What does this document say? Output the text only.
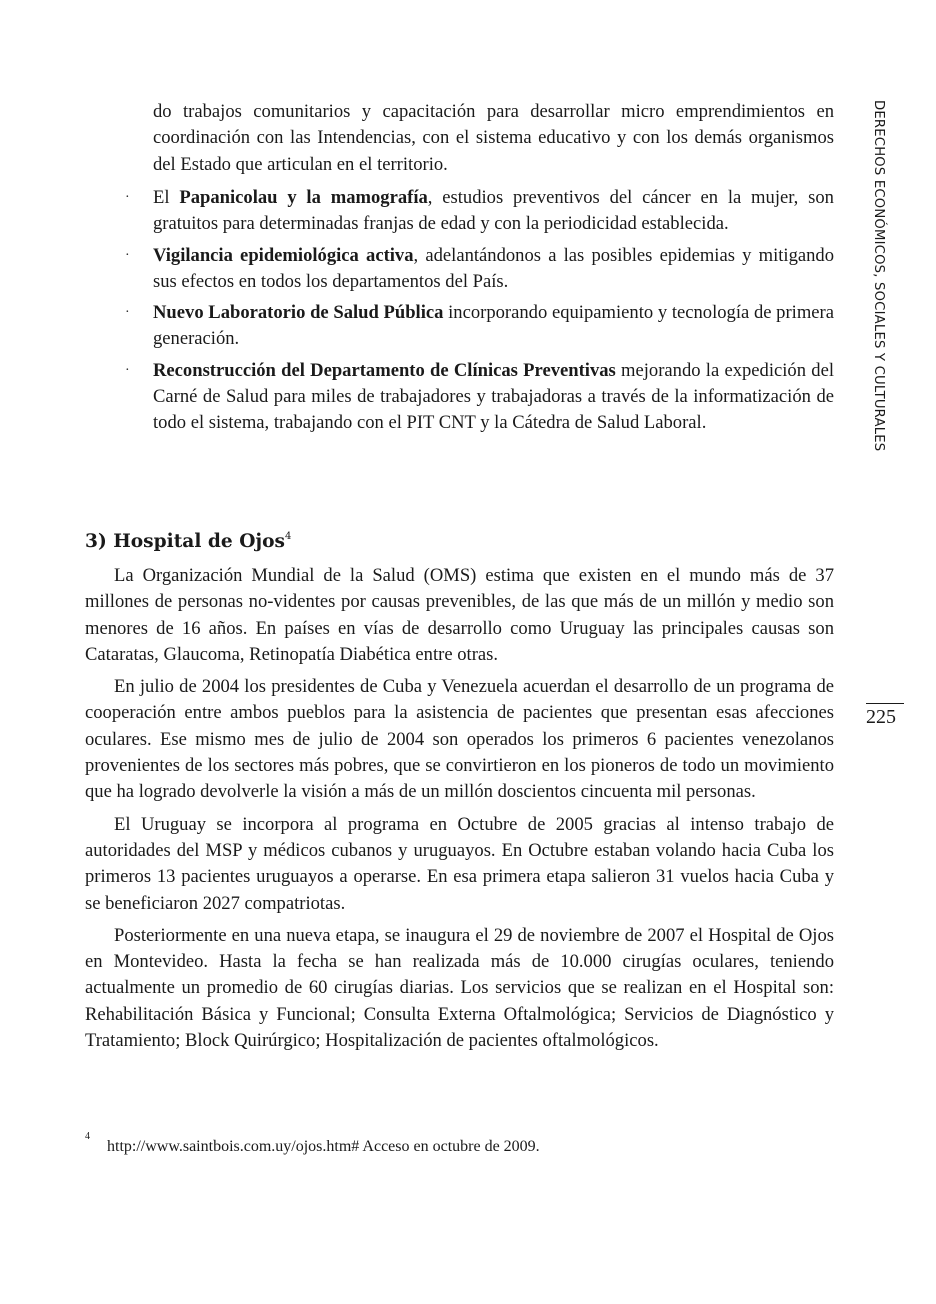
DERECHOS ECONÓMICOS, SOCIALES Y CULTURALES
225

do trabajos comunitarios y capacitación para desarrollar micro emprendimientos en coordinación con las Intendencias, con el sistema educativo y con los demás organismos del Estado que articulan en el territorio.

· El Papanicolau y la mamografía, estudios preventivos del cáncer en la mujer, son gratuitos para determinadas franjas de edad y con la periodicidad establecida.
· Vigilancia epidemiológica activa, adelantándonos a las posibles epidemias y mitigando sus efectos en todos los departamentos del País.
· Nuevo Laboratorio de Salud Pública incorporando equipamiento y tecnología de primera generación.
· Reconstrucción del Departamento de Clínicas Preventivas mejorando la expedición del Carné de Salud para miles de trabajadores y trabajadoras a través de la informatización de todo el sistema, trabajando con el PIT CNT y la Cátedra de Salud Laboral.
3) Hospital de Ojos$^4$

La Organización Mundial de la Salud (OMS) estima que existen en el mundo más de 37 millones de personas no-videntes por causas prevenibles, de las que más de un millón y medio son menores de 16 años. En países en vías de desarrollo como Uruguay las principales causas son Cataratas, Glaucoma, Retinopatía Diabética entre otras.

En julio de 2004 los presidentes de Cuba y Venezuela acuerdan el desarrollo de un programa de cooperación entre ambos pueblos para la asistencia de pacientes que presentan esas afecciones oculares. Ese mismo mes de julio de 2004 son operados los primeros 6 pacientes venezolanos provenientes de los sectores más pobres, que se convirtieron en los pioneros de todo un movimiento que ha logrado devolverle la visión a más de un millón doscientos cincuenta mil personas.

El Uruguay se incorpora al programa en Octubre de 2005 gracias al intenso trabajo de autoridades del MSP y médicos cubanos y uruguayos. En Octubre estaban volando hacia Cuba los primeros 13 pacientes uruguayos a operarse. En esa primera etapa salieron 31 vuelos hacia Cuba y se beneficiaron 2027 compatriotas.

Posteriormente en una nueva etapa, se inaugura el 29 de noviembre de 2007 el Hospital de Ojos en Montevideo. Hasta la fecha se han realizada más de 10.000 cirugías oculares, teniendo actualmente un promedio de 60 cirugías diarias. Los servicios que se realizan en el Hospital son: Rehabilitación Básica y Funcional; Consulta Externa Oftalmológica; Servicios de Diagnóstico y Tratamiento; Block Quirúrgico; Hospitalización de pacientes oftalmológicos.

4
http://www.saintbois.com.uy/ojos.htm# Acceso en octubre de 2009.
